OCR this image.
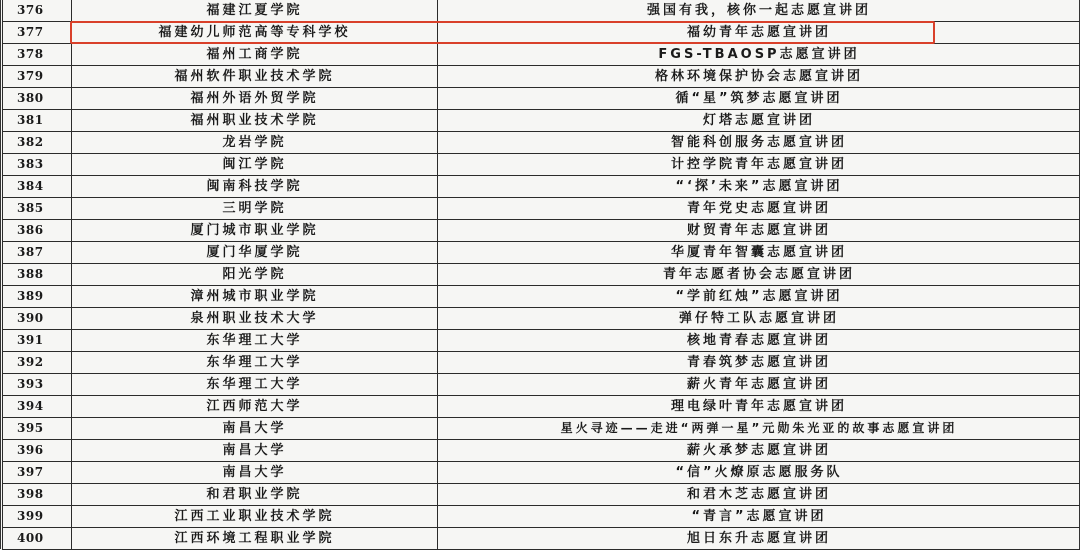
376	福建江夏学院	强国有我，核你一起志愿宣讲团
377	福建幼儿师范高等专科学校	福幼青年志愿宣讲团
378	福州工商学院	FGS-TBAOSP志愿宣讲团
379	福州软件职业技术学院	格林环境保护协会志愿宣讲团
380	福州外语外贸学院	循“星”筑梦志愿宣讲团
381	福州职业技术学院	灯塔志愿宣讲团
382	龙岩学院	智能科创服务志愿宣讲团
383	闽江学院	计控学院青年志愿宣讲团
384	闽南科技学院	“‘探’未来”志愿宣讲团
385	三明学院	青年党史志愿宣讲团
386	厦门城市职业学院	财贸青年志愿宣讲团
387	厦门华厦学院	华厦青年智囊志愿宣讲团
388	阳光学院	青年志愿者协会志愿宣讲团
389	漳州城市职业学院	“学前红烛”志愿宣讲团
390	泉州职业技术大学	弹仔特工队志愿宣讲团
391	东华理工大学	核地青春志愿宣讲团
392	东华理工大学	青春筑梦志愿宣讲团
393	东华理工大学	薪火青年志愿宣讲团
394	江西师范大学	理电绿叶青年志愿宣讲团
395	南昌大学	星火寻迹——走进“两弹一星”元勋朱光亚的故事志愿宣讲团
396	南昌大学	薪火承梦志愿宣讲团
397	南昌大学	“信”火燎原志愿服务队
398	和君职业学院	和君木芝志愿宣讲团
399	江西工业职业技术学院	“青言”志愿宣讲团
400	江西环境工程职业学院	旭日东升志愿宣讲团
